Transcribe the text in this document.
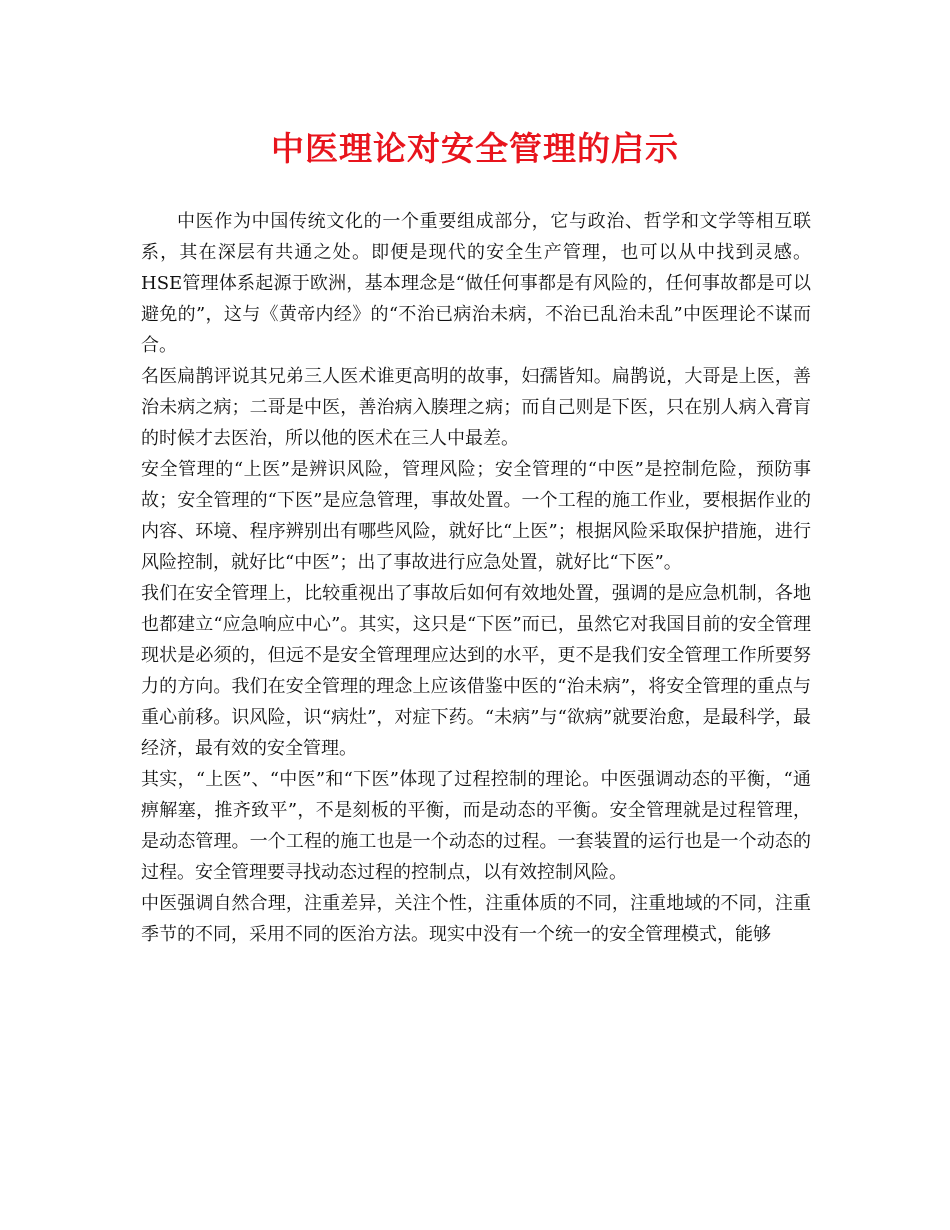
中医理论对安全管理的启示

中医作为中国传统文化的一个重要组成部分，它与政治、哲学和文学等相互联系，其在深层有共通之处。即便是现代的安全生产管理，也可以从中找到灵感。HSE管理体系起源于欧洲，基本理念是“做任何事都是有风险的，任何事故都是可以避免的”，这与《黄帝内经》的“不治已病治未病，不治已乱治未乱”中医理论不谋而合。

名医扁鹊评说其兄弟三人医术谁更高明的故事，妇孺皆知。扁鹊说，大哥是上医，善治未病之病；二哥是中医，善治病入腠理之病；而自己则是下医，只在别人病入膏肓的时候才去医治，所以他的医术在三人中最差。

安全管理的“上医”是辨识风险，管理风险；安全管理的“中医”是控制危险，预防事故；安全管理的“下医”是应急管理，事故处置。一个工程的施工作业，要根据作业的内容、环境、程序辨别出有哪些风险，就好比“上医”；根据风险采取保护措施，进行风险控制，就好比“中医”；出了事故进行应急处置，就好比“下医”。

我们在安全管理上，比较重视出了事故后如何有效地处置，强调的是应急机制，各地也都建立“应急响应中心”。其实，这只是“下医”而已，虽然它对我国目前的安全管理现状是必须的，但远不是安全管理理应达到的水平，更不是我们安全管理工作所要努力的方向。我们在安全管理的理念上应该借鉴中医的“治未病”，将安全管理的重点与重心前移。识风险，识“病灶”，对症下药。“未病”与“欲病”就要治愈，是最科学，最经济，最有效的安全管理。

其实，“上医”、“中医”和“下医”体现了过程控制的理论。中医强调动态的平衡，“通痹解塞，推齐致平”，不是刻板的平衡，而是动态的平衡。安全管理就是过程管理，是动态管理。一个工程的施工也是一个动态的过程。一套装置的运行也是一个动态的过程。安全管理要寻找动态过程的控制点，以有效控制风险。

中医强调自然合理，注重差异，关注个性，注重体质的不同，注重地域的不同，注重季节的不同，采用不同的医治方法。现实中没有一个统一的安全管理模式，能够
